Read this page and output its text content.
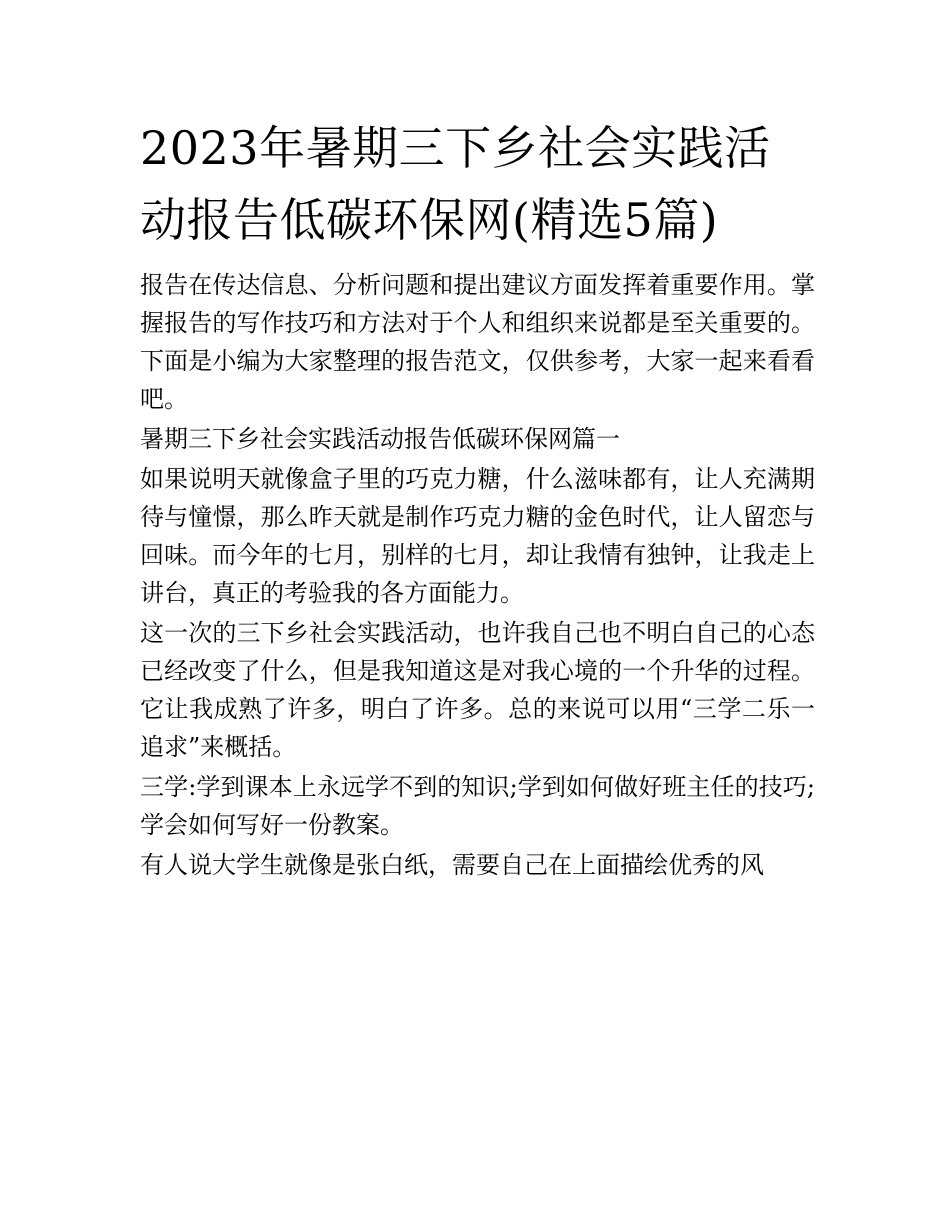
2023年暑期三下乡社会实践活动报告低碳环保网(精选5篇)

报告在传达信息、分析问题和提出建议方面发挥着重要作用。掌握报告的写作技巧和方法对于个人和组织来说都是至关重要的。下面是小编为大家整理的报告范文，仅供参考，大家一起来看看吧。

暑期三下乡社会实践活动报告低碳环保网篇一

如果说明天就像盒子里的巧克力糖，什么滋味都有，让人充满期待与憧憬，那么昨天就是制作巧克力糖的金色时代，让人留恋与回味。而今年的七月，别样的七月，却让我情有独钟，让我走上讲台，真正的考验我的各方面能力。

这一次的三下乡社会实践活动，也许我自己也不明白自己的心态已经改变了什么，但是我知道这是对我心境的一个升华的过程。它让我成熟了许多，明白了许多。总的来说可以用“三学二乐一追求”来概括。

三学:学到课本上永远学不到的知识;学到如何做好班主任的技巧;学会如何写好一份教案。

有人说大学生就像是张白纸，需要自己在上面描绘优秀的风
